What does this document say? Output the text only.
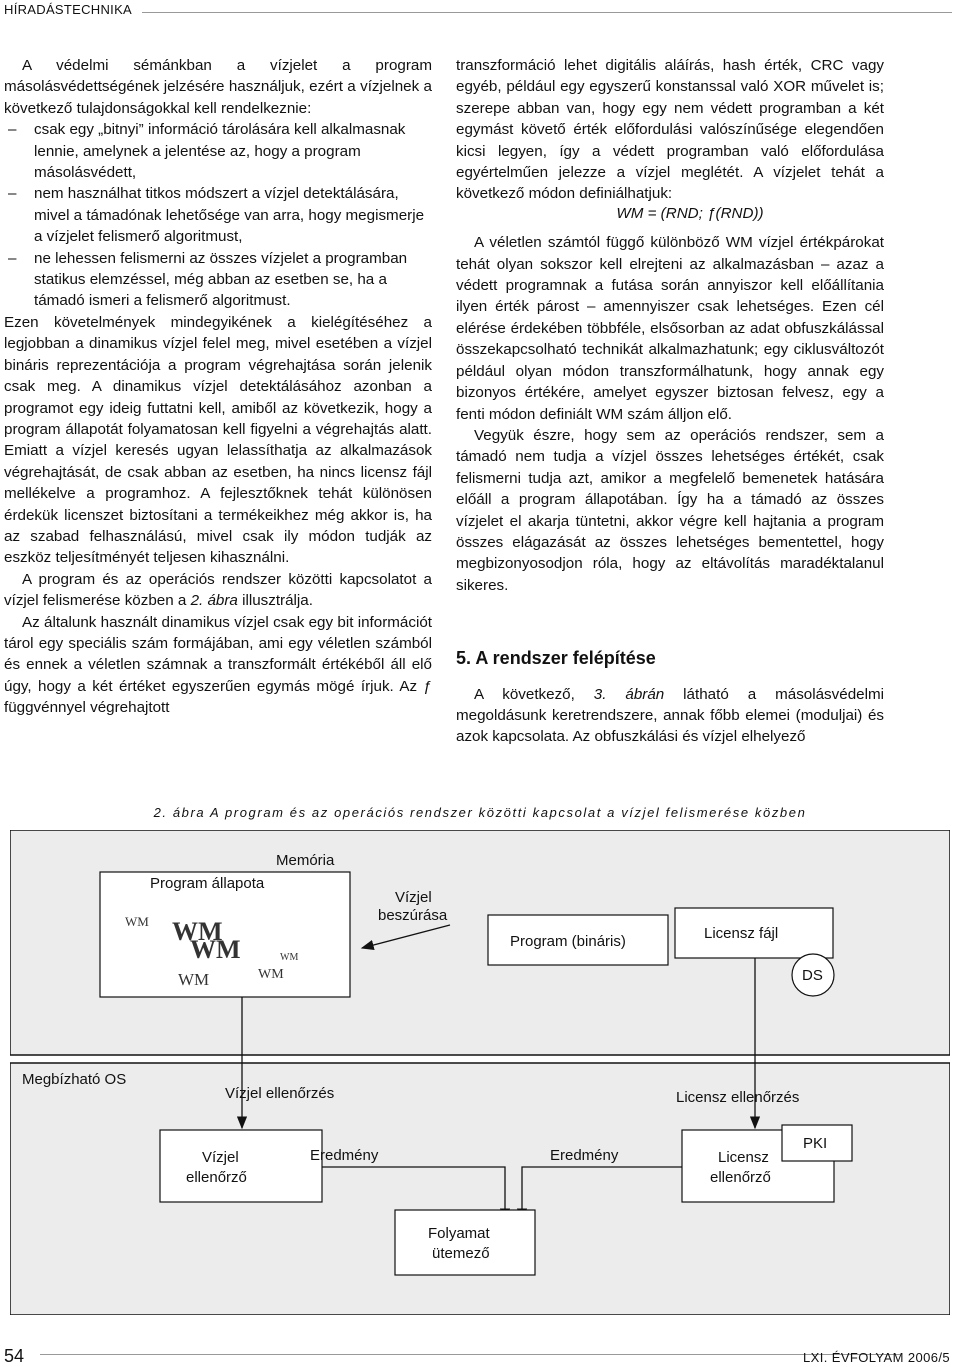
HÍRADÁSTECHNIKA

A védelmi sémánkban a vízjelet a program másolásvédettségének jelzésére használjuk, ezért a vízjelnek a következő tulajdonságokkal kell rendelkeznie:

–	csak egy „bitnyi” információ tárolására kell alkalmasnak lennie, amelynek a jelentése az, hogy a program másolásvédett,
–	nem használhat titkos módszert a vízjel detektálására, mivel a támadónak lehetősége van arra, hogy megismerje a vízjelet felismerő algoritmust,
–	ne lehessen felismerni az összes vízjelet a programban statikus elemzéssel, még abban az esetben se, ha a támadó ismeri a felismerő algoritmust.

Ezen követelmények mindegyikének a kielégítéséhez a legjobban a dinamikus vízjel felel meg, mivel esetében a vízjel bináris reprezentációja a program végrehajtása során jelenik csak meg. A dinamikus vízjel detektálásához azonban a programot egy ideig futtatni kell, amiből az következik, hogy a program állapotát folyamatosan kell figyelni a végrehajtás alatt. Emiatt a vízjel keresés ugyan lelassíthatja az alkalmazások végrehajtását, de csak abban az esetben, ha nincs licensz fájl mellékelve a programhoz. A fejlesztőknek tehát különösen érdekük licenszet biztosítani a termékeikhez még akkor is, ha az szabad felhasználású, mivel csak ily módon tudják az eszköz teljesítményét teljesen kihasználni.

A program és az operációs rendszer közötti kapcsolatot a vízjel felismerése közben a 2. ábra illusztrálja.

Az általunk használt dinamikus vízjel csak egy bit információt tárol egy speciális szám formájában, ami egy véletlen számból és ennek a véletlen számnak a transzformált értékéből áll elő úgy, hogy a két értéket egyszerűen egymás mögé írjuk. Az ƒ függvénnyel végrehajtott

transzformáció lehet digitális aláírás, hash érték, CRC vagy egyéb, például egy egyszerű konstanssal való XOR művelet is; szerepe abban van, hogy egy nem védett programban a két egymást követő érték előfordulási valószínűsége elegendően kicsi legyen, így a védett programban való előfordulása egyértelműen jelezze a vízjel meglétét. A vízjelet tehát a következő módon definiálhatjuk:

WM = (RND; ƒ(RND))

A véletlen számtól függő különböző WM vízjel értékpárokat tehát olyan sokszor kell elrejteni az alkalmazásban – azaz a védett programnak a futása során annyiszor kell előállítania ilyen érték párost – amennyiszer csak lehetséges. Ezen cél elérése érdekében többféle, elsősorban az adat obfuszkálással összekapcsolható technikát alkalmazhatunk; egy ciklusváltozót például olyan módon transzformálhatunk, hogy annak egy bizonyos értékére, amelyet egyszer biztosan felvesz, egy a fenti módon definiált WM szám álljon elő.

Vegyük észre, hogy sem az operációs rendszer, sem a támadó nem tudja a vízjel összes lehetséges értékét, csak felismerni tudja azt, amikor a megfelelő bemenetek hatására előáll a program állapotában. Így ha a támadó az összes vízjelet el akarja tüntetni, akkor végre kell hajtania a program összes elágazását az összes lehetséges bementettel, hogy megbizonyosodjon róla, hogy az eltávolítás maradéktalanul sikeres.

5. A rendszer felépítése

A következő, 3. ábrán látható a másolásvédelmi megoldásunk keretrendszere, annak főbb elemei (moduljai) és azok kapcsolata. Az obfuszkálási és vízjel elhelyező

2. ábra A program és az operációs rendszer közötti kapcsolat a vízjel felismerése közben
Memória
Program állapota
WM WM
WM	WM
WM	WM
Vízjel
beszúrása
Program (bináris)	Licensz fájl
DS
Megbízható OS
Vízjel ellenőrzés	Licensz ellenőrzés
Vízjel
ellenőrző
Licensz
ellenőrző
PKI
Eredmény	Eredmény
Folyamat
ütemező
54	LXI. ÉVFOLYAM 2006/5
